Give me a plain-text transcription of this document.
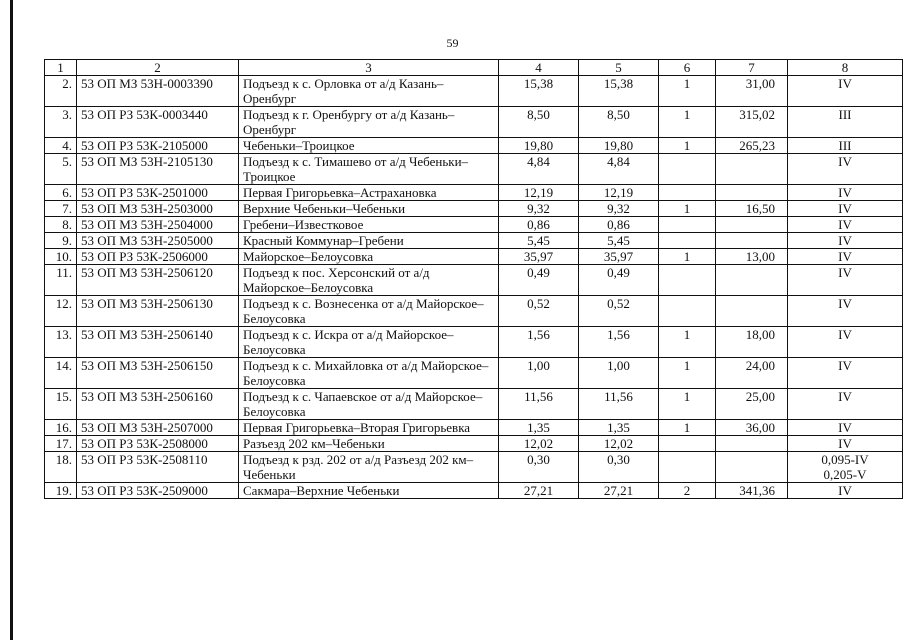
59
1	2	3	4	5	6	7	8
2.	53 ОП МЗ 53Н-0003390	Подъезд к с. Орловка от а/д Казань–Оренбург	15,38	15,38	1	31,00	IV

3.	53 ОП РЗ 53К-0003440	Подъезд к г. Оренбургу от а/д Казань–Оренбург	8,50	8,50	1	315,02	III

4.	53 ОП РЗ 53К-2105000	Чебеньки–Троицкое	19,80	19,80	1	265,23	III

5.	53 ОП МЗ 53Н-2105130	Подъезд к с. Тимашево от а/д Чебеньки–Троицкое	4,84	4,84			IV

6.	53 ОП РЗ 53К-2501000	Первая Григорьевка–Астрахановка	12,19	12,19			IV

7.	53 ОП МЗ 53Н-2503000	Верхние Чебеньки–Чебеньки	9,32	9,32	1	16,50	IV

8.	53 ОП МЗ 53Н-2504000	Гребени–Известковое	0,86	0,86			IV

9.	53 ОП МЗ 53Н-2505000	Красный Коммунар–Гребени	5,45	5,45			IV

10.	53 ОП РЗ 53К-2506000	Майорское–Белоусовка	35,97	35,97	1	13,00	IV

11.	53 ОП МЗ 53Н-2506120	Подъезд к пос. Херсонский от а/д Майорское–Белоусовка	0,49	0,49			IV

12.	53 ОП МЗ 53Н-2506130	Подъезд к с. Вознесенка от а/д Майорское–Белоусовка	0,52	0,52			IV

13.	53 ОП МЗ 53Н-2506140	Подъезд к с. Искра от а/д Майорское–Белоусовка	1,56	1,56	1	18,00	IV

14.	53 ОП МЗ 53Н-2506150	Подъезд к с. Михайловка от а/д Майорское–Белоусовка	1,00	1,00	1	24,00	IV

15.	53 ОП МЗ 53Н-2506160	Подъезд к с. Чапаевское от а/д Майорское–Белоусовка	11,56	11,56	1	25,00	IV

16.	53 ОП МЗ 53Н-2507000	Первая Григорьевка–Вторая Григорьевка	1,35	1,35	1	36,00	IV

17.	53 ОП РЗ 53К-2508000	Разъезд 202 км–Чебеньки	12,02	12,02			IV

18.	53 ОП РЗ 53К-2508110	Подъезд к рзд. 202 от а/д Разъезд 202 км–Чебеньки	0,30	0,30			0,095-IV
0,205-V

19.	53 ОП РЗ 53К-2509000	Сакмара–Верхние Чебеньки	27,21	27,21	2	341,36	IV
